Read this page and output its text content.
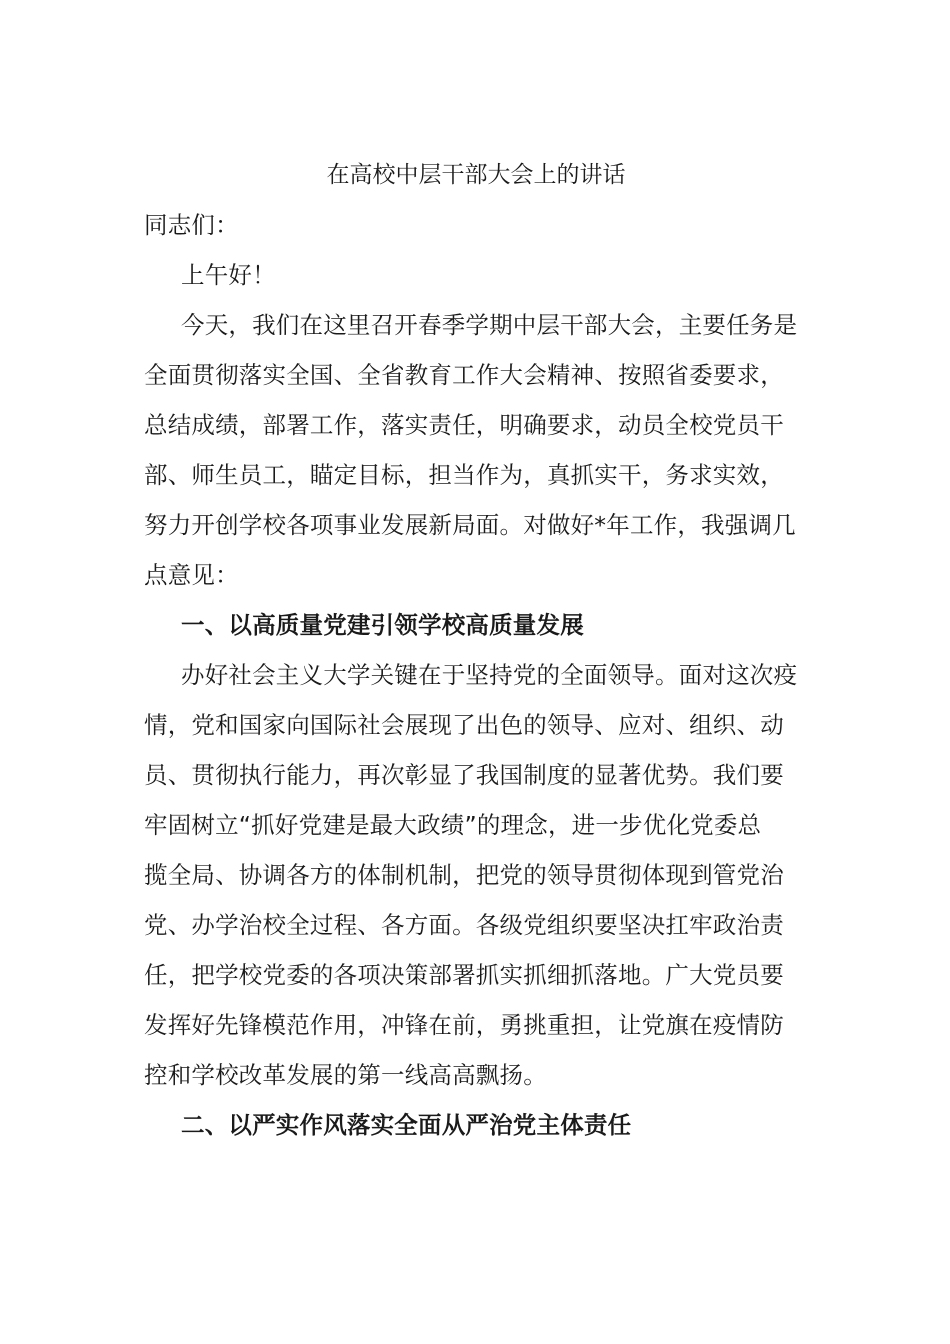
在高校中层干部大会上的讲话
同志们：
上午好！
今天，我们在这里召开春季学期中层干部大会，主要任务是
全面贯彻落实全国、全省教育工作大会精神、按照省委要求，
总结成绩，部署工作，落实责任，明确要求，动员全校党员干
部、师生员工，瞄定目标，担当作为，真抓实干，务求实效，
努力开创学校各项事业发展新局面。对做好*年工作，我强调几
点意见：
一、以高质量党建引领学校高质量发展
办好社会主义大学关键在于坚持党的全面领导。面对这次疫
情，党和国家向国际社会展现了出色的领导、应对、组织、动
员、贯彻执行能力，再次彰显了我国制度的显著优势。我们要
牢固树立“抓好党建是最大政绩”的理念，进一步优化党委总
揽全局、协调各方的体制机制，把党的领导贯彻体现到管党治
党、办学治校全过程、各方面。各级党组织要坚决扛牢政治责
任，把学校党委的各项决策部署抓实抓细抓落地。广大党员要
发挥好先锋模范作用，冲锋在前，勇挑重担，让党旗在疫情防
控和学校改革发展的第一线高高飘扬。
二、以严实作风落实全面从严治党主体责任
